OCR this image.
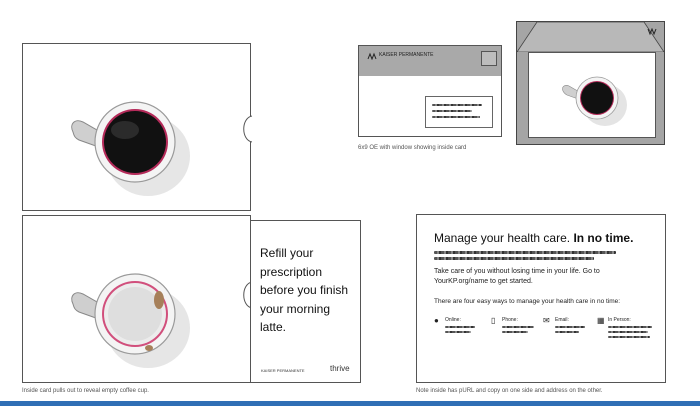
KAISER PERMANENTE
6x9 OE with window showing inside card
Refill your
prescription
before you finish
your morning
latte.
KAISER PERMANENTE	thrive
Inside card pulls out to reveal empty coffee cup.
Manage your health care. In no time.
Take care of you without losing time in your life. Go to
YourKP.org/name to get started.
There are four easy ways to manage your health care in no time:
● Online:	▯ Phone:	✉ Email:	▦ In Person:
Note inside has pURL and copy on one side and address on the other.
